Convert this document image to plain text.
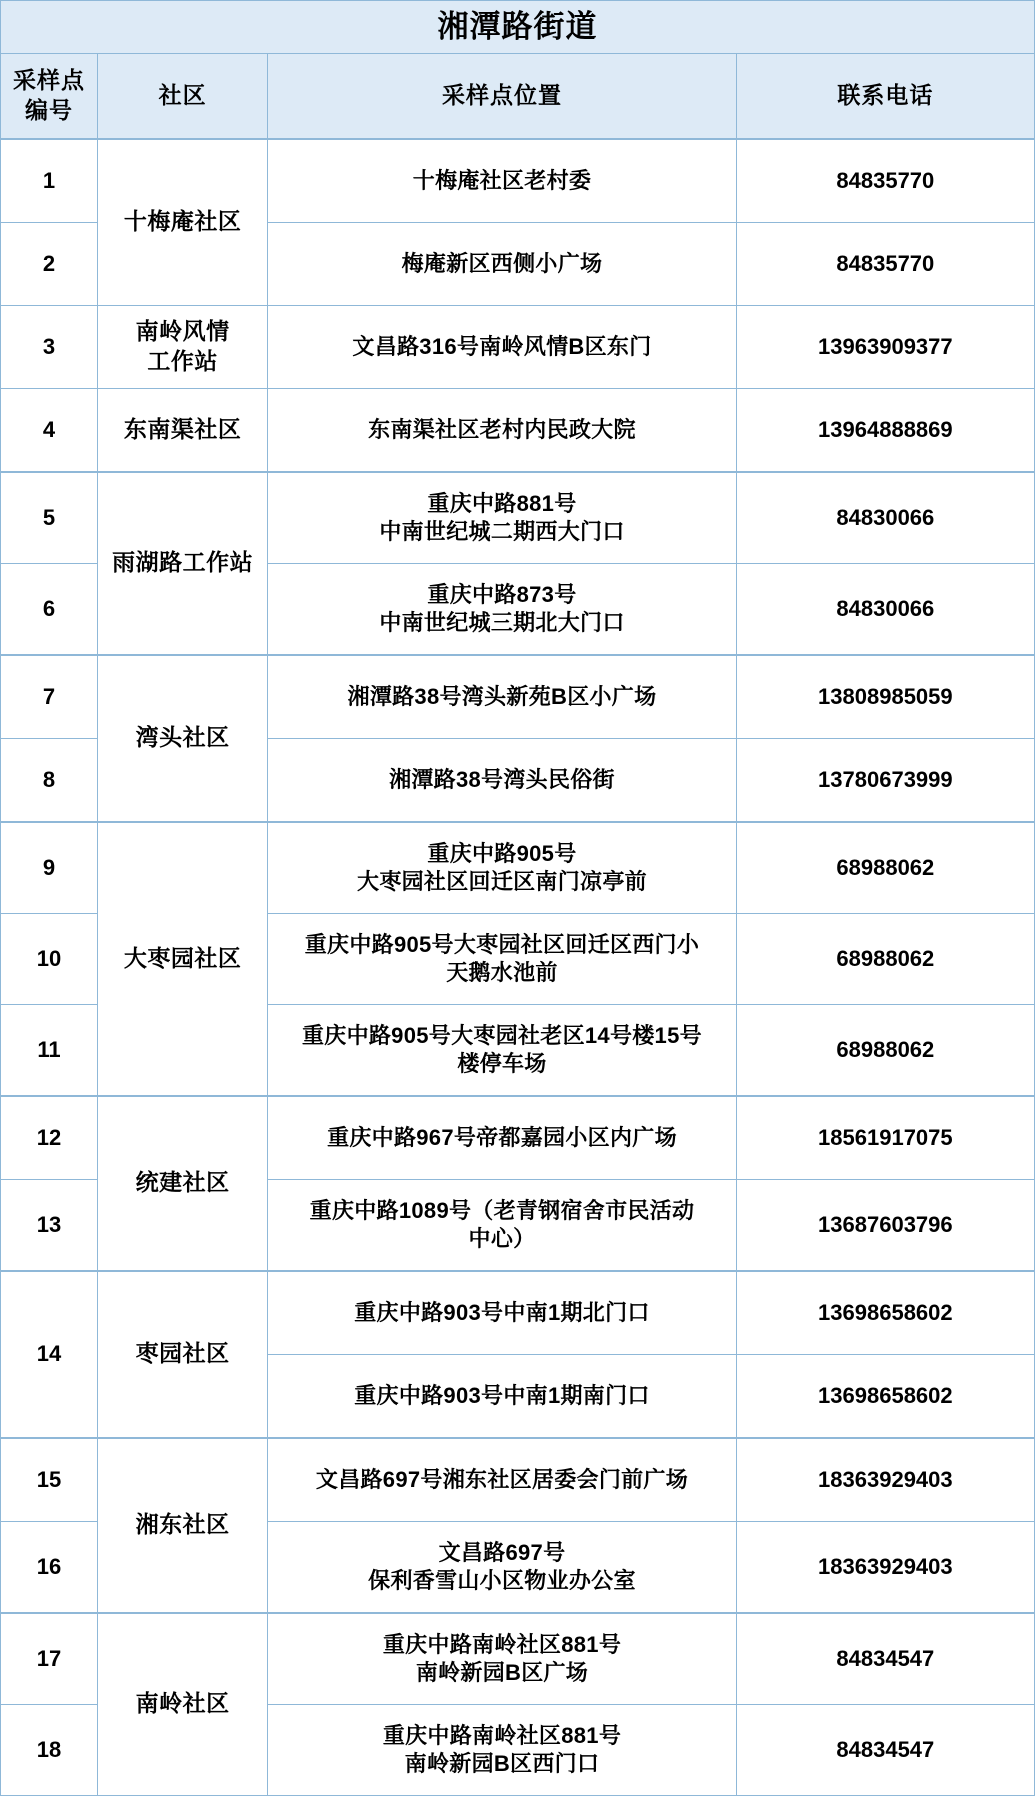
湘潭路街道			

采样点
编号	社区	采样点位置	联系电话
1	十梅庵社区	十梅庵社区老村委	84835770
2		梅庵新区西侧小广场	84835770
3	南岭风情
工作站	文昌路316号南岭风情B区东门	13963909377
4	东南渠社区	东南渠社区老村内民政大院	13964888869
5	雨湖路工作站	重庆中路881号
中南世纪城二期西大门口	84830066
6		重庆中路873号
中南世纪城三期北大门口	84830066
7	湾头社区	湘潭路38号湾头新苑B区小广场	13808985059
8		湘潭路38号湾头民俗街	13780673999
9	大枣园社区	重庆中路905号
大枣园社区回迁区南门凉亭前	68988062
10		重庆中路905号大枣园社区回迁区西门小
天鹅水池前	68988062
11		重庆中路905号大枣园社老区14号楼15号
楼停车场	68988062
12	统建社区	重庆中路967号帝都嘉园小区内广场	18561917075
13		重庆中路1089号（老青钢宿舍市民活动
中心）	13687603796
14	枣园社区	重庆中路903号中南1期北门口	13698658602

		重庆中路903号中南1期南门口	13698658602
15	湘东社区	文昌路697号湘东社区居委会门前广场	18363929403
16		文昌路697号
保利香雪山小区物业办公室	18363929403
17	南岭社区	重庆中路南岭社区881号
南岭新园B区广场	84834547
18		重庆中路南岭社区881号
南岭新园B区西门口	84834547
